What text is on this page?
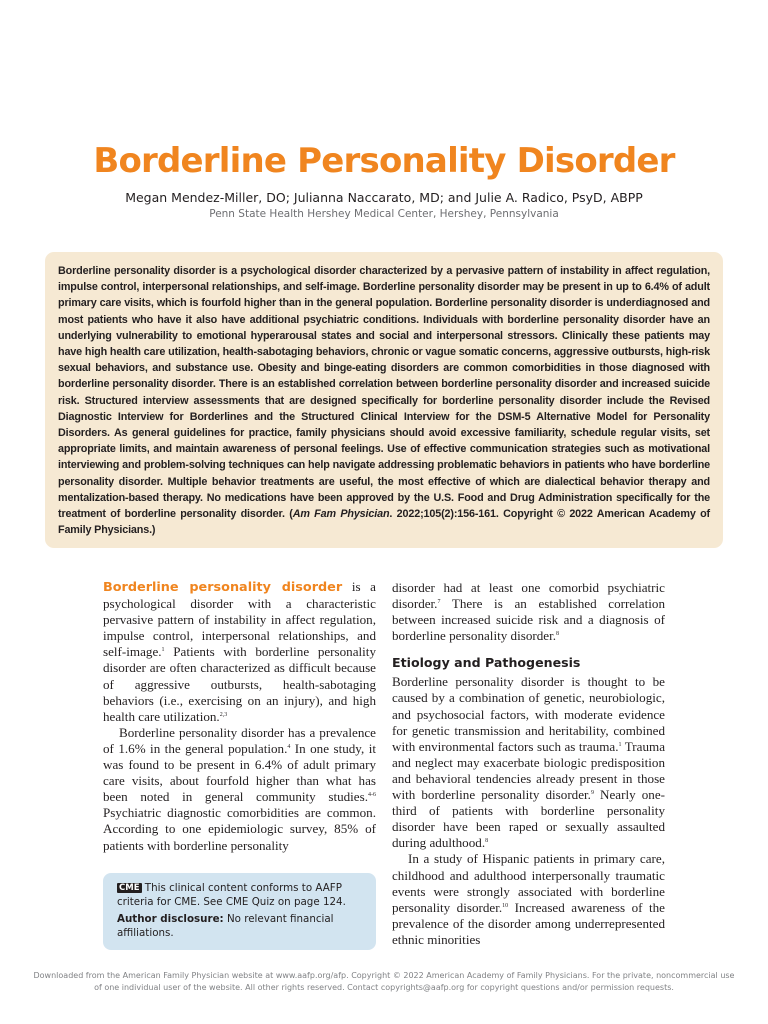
Borderline Personality Disorder
Megan Mendez-Miller, DO; Julianna Naccarato, MD; and Julie A. Radico, PsyD, ABPP
Penn State Health Hershey Medical Center, Hershey, Pennsylvania
Borderline personality disorder is a psychological disorder characterized by a pervasive pattern of instability in affect regulation, impulse control, interpersonal relationships, and self-image. Borderline personality disorder may be present in up to 6.4% of adult primary care visits, which is fourfold higher than in the general population. Borderline personality disorder is underdiagnosed and most patients who have it also have additional psychiatric conditions. Individuals with borderline personality disorder have an underlying vulnerability to emotional hyperarousal states and social and interpersonal stressors. Clinically these patients may have high health care utilization, health-sabotaging behaviors, chronic or vague somatic concerns, aggressive outbursts, high-risk sexual behaviors, and substance use. Obesity and binge-eating disorders are common comorbidities in those diagnosed with borderline personality disorder. There is an established correlation between borderline personality disorder and increased suicide risk. Structured interview assessments that are designed specifically for borderline personality disorder include the Revised Diagnostic Interview for Borderlines and the Structured Clinical Interview for the DSM-5 Alternative Model for Personality Disorders. As general guidelines for practice, family physicians should avoid excessive familiarity, schedule regular visits, set appropriate limits, and maintain awareness of personal feelings. Use of effective communication strategies such as motivational interviewing and problem-solving techniques can help navigate addressing problematic behaviors in patients who have borderline personality disorder. Multiple behavior treatments are useful, the most effective of which are dialectical behavior therapy and mentalization-based therapy. No medications have been approved by the U.S. Food and Drug Administration specifically for the treatment of borderline personality disorder. (Am Fam Physician. 2022;105(2):156-161. Copyright © 2022 American Academy of Family Physicians.)

Borderline personality disorder is a psychological disorder with a characteristic pervasive pattern of instability in affect regulation, impulse control, interpersonal relationships, and self-image.$^1$ Patients with borderline personality disorder are often characterized as difficult because of aggressive outbursts, health-sabotaging behaviors (i.e., exercising on an injury), and high health care utilization.$^{2,3}$

Borderline personality disorder has a prevalence of 1.6% in the general population.$^4$ In one study, it was found to be present in 6.4% of adult primary care visits, about fourfold higher than what has been noted in general community studies.$^{4-6}$ Psychiatric diagnostic comorbidities are common. According to one epidemiologic survey, 85% of patients with borderline personality

CME This clinical content conforms to AAFP criteria for CME. See CME Quiz on page 124.

Author disclosure: No relevant financial affiliations.

disorder had at least one comorbid psychiatric disorder.$^7$ There is an established correlation between increased suicide risk and a diagnosis of borderline personality disorder.$^8$

Etiology and Pathogenesis

Borderline personality disorder is thought to be caused by a combination of genetic, neurobiologic, and psychosocial factors, with moderate evidence for genetic transmission and heritability, combined with environmental factors such as trauma.$^1$ Trauma and neglect may exacerbate biologic predisposition and behavioral tendencies already present in those with borderline personality disorder.$^9$ Nearly one-third of patients with borderline personality disorder have been raped or sexually assaulted during adulthood.$^8$

In a study of Hispanic patients in primary care, childhood and adulthood interpersonally traumatic events were strongly associated with borderline personality disorder.$^{10}$ Increased awareness of the prevalence of the disorder among underrepresented ethnic minorities

Downloaded from the American Family Physician website at www.aafp.org/afp. Copyright © 2022 American Academy of Family Physicians. For the private, noncommercial use of one individual user of the website. All other rights reserved. Contact copyrights@aafp.org for copyright questions and/or permission requests.
